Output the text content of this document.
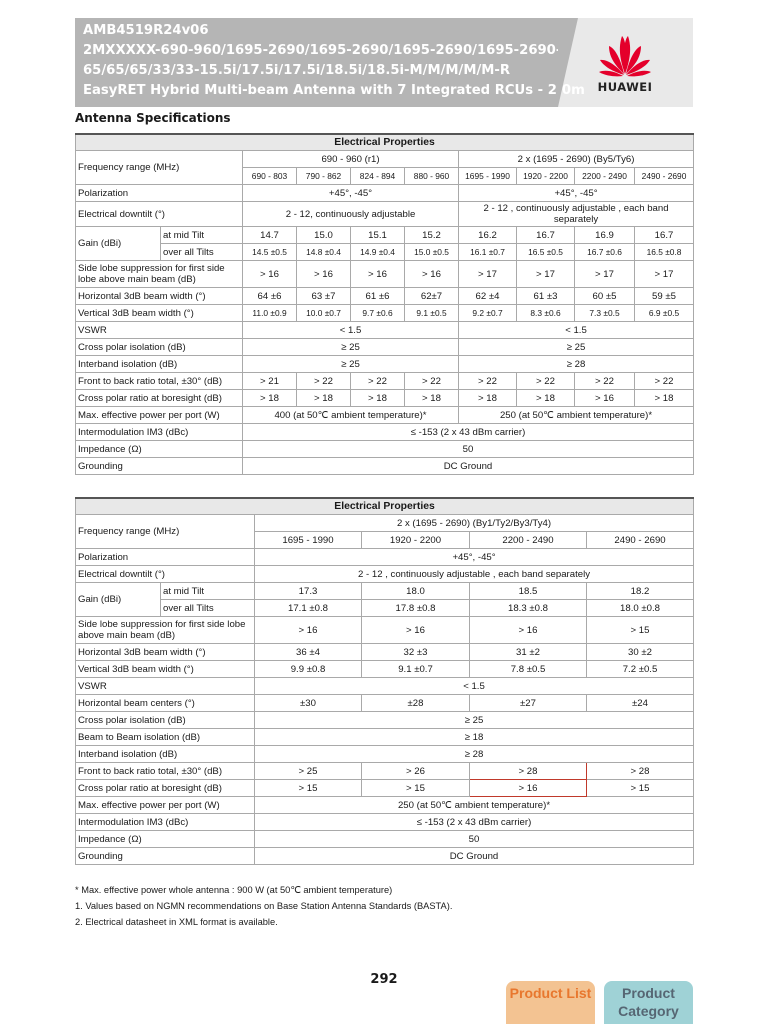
AMB4519R24v06
2MXXXXX-690-960/1695-2690/1695-2690/1695-2690/1695-2690-
65/65/65/33/33-15.5i/17.5i/17.5i/18.5i/18.5i-M/M/M/M/M-R
EasyRET Hybrid Multi-beam Antenna with 7 Integrated RCUs - 2.0m	HUAWEI
Antenna Specifications
Electrical Properties									
Frequency range (MHz)		690 - 960 (r1)				2 x (1695 - 2690) (By5/Ty6)			
		690 - 803	790 - 862	824 - 894	880 - 960	1695 - 1990	1920 - 2200	2200 - 2490	2490 - 2690
Polarization		+45°, -45°				+45°, -45°			
Electrical downtilt (°)		2 - 12, continuously adjustable				2 - 12 , continuously adjustable , each band separately			
Gain (dBi)	at mid Tilt	14.7	15.0	15.1	15.2	16.2	16.7	16.9	16.7
	over all Tilts	14.5 ±0.5	14.8 ±0.4	14.9 ±0.4	15.0 ±0.5	16.1 ±0.7	16.5 ±0.5	16.7 ±0.6	16.5 ±0.8
Side lobe suppression for first side lobe above main beam (dB)		> 16	> 16	> 16	> 16	> 17	> 17	> 17	> 17
Horizontal 3dB beam width (°)		64 ±6	63 ±7	61 ±6	62±7	62 ±4	61 ±3	60 ±5	59 ±5
Vertical 3dB beam width (°)		11.0 ±0.9	10.0 ±0.7	9.7 ±0.6	9.1 ±0.5	9.2 ±0.7	8.3 ±0.6	7.3 ±0.5	6.9 ±0.5
VSWR		< 1.5				< 1.5			
Cross polar isolation (dB)		≥ 25				≥ 25			
Interband isolation (dB)		≥ 25				≥ 28			
Front to back ratio total, ±30° (dB)		> 21	> 22	> 22	> 22	> 22	> 22	> 22	> 22
Cross polar ratio at boresight (dB)		> 18	> 18	> 18	> 18	> 18	> 18	> 16	> 18
Max. effective power per port (W)		400 (at 50℃ ambient temperature)*				250 (at 50℃ ambient temperature)*			
Intermodulation IM3 (dBc)		≤ -153 (2 x 43 dBm carrier)							
Impedance (Ω)		50							
Grounding		DC Ground							
Electrical Properties					
Frequency range (MHz)		2 x (1695 - 2690) (By1/Ty2/By3/Ty4)			
		1695 - 1990	1920 - 2200	2200 - 2490	2490 - 2690
Polarization		+45°, -45°			
Electrical downtilt (°)		2 - 12 , continuously adjustable , each band separately			
Gain (dBi)	at mid Tilt	17.3	18.0	18.5	18.2
	over all Tilts	17.1 ±0.8	17.8 ±0.8	18.3 ±0.8	18.0 ±0.8
Side lobe suppression for first side lobe above main beam (dB)		> 16	> 16	> 16	> 15
Horizontal 3dB beam width (°)		36 ±4	32 ±3	31 ±2	30 ±2
Vertical 3dB beam width (°)		9.9 ±0.8	9.1 ±0.7	7.8 ±0.5	7.2 ±0.5
VSWR		< 1.5			
Horizontal beam centers (°)		±30	±28	±27	±24
Cross polar isolation (dB)		≥ 25			
Beam to Beam isolation (dB)		≥ 18			
Interband isolation (dB)		≥ 28			
Front to back ratio total, ±30° (dB)		> 25	> 26	> 28	> 28
Cross polar ratio at boresight (dB)		> 15	> 15	> 16	> 15
Max. effective power per port (W)		250 (at 50℃ ambient temperature)*			
Intermodulation IM3 (dBc)		≤ -153 (2 x 43 dBm carrier)			
Impedance (Ω)		50			
Grounding		DC Ground			
* Max. effective power whole antenna : 900 W (at 50℃ ambient temperature)
1. Values based on NGMN recommendations on Base Station Antenna Standards (BASTA).
2. Electrical datasheet in XML format is available.
292
Product List	Product Category
